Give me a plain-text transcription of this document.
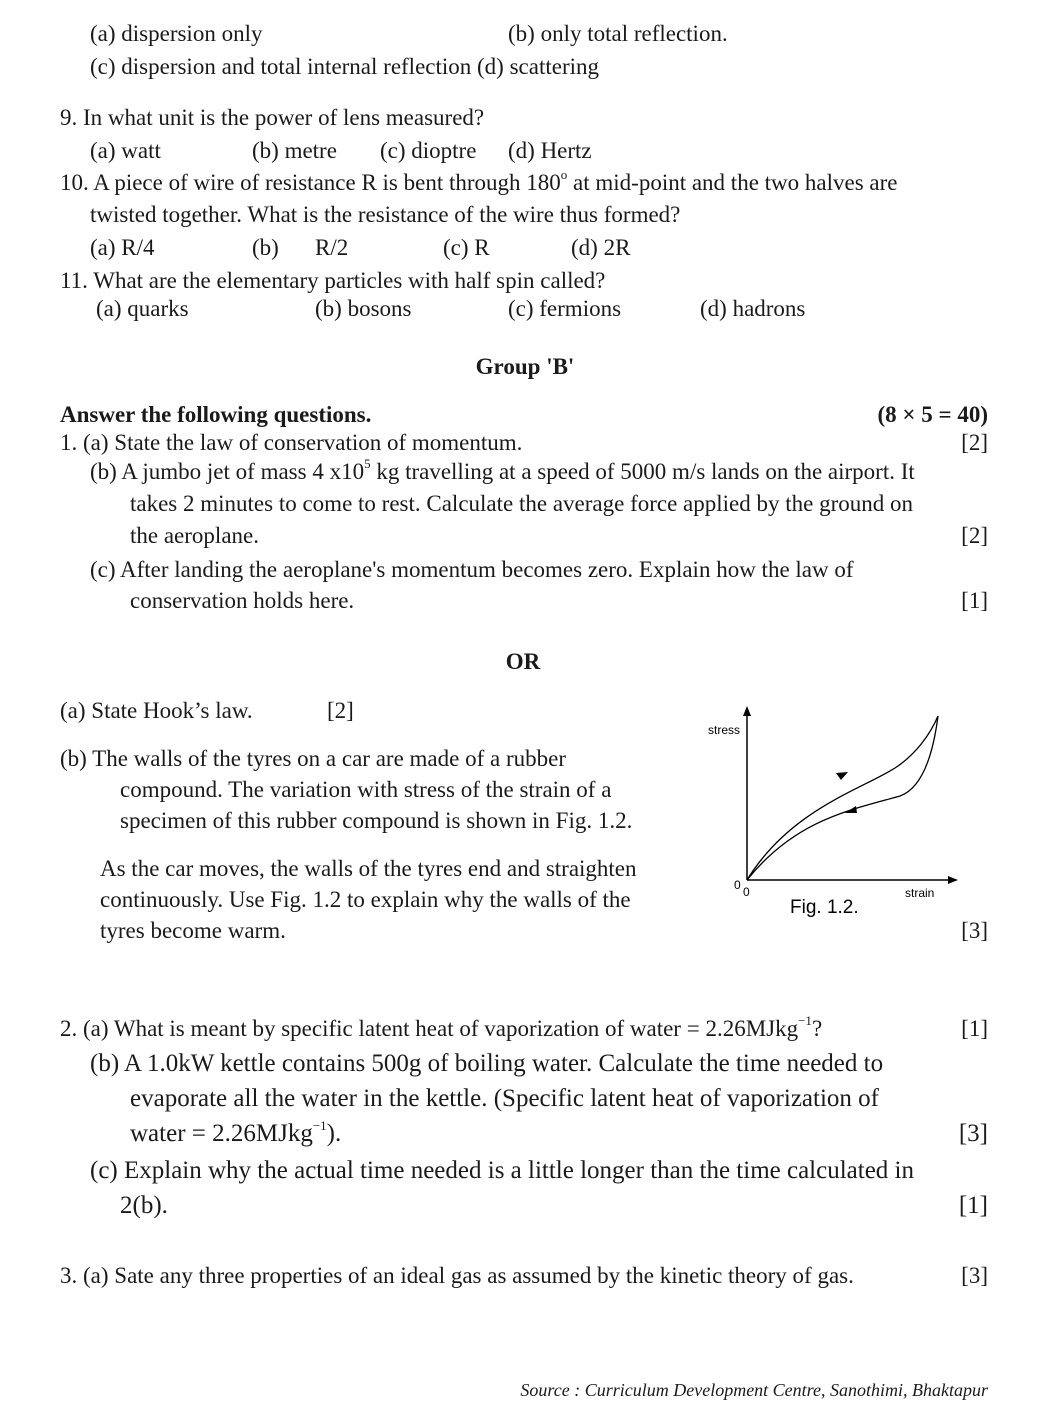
(a) dispersion only	(b) only total reflection.
(c) dispersion and total internal reflection (d) scattering
9. In what unit is the power of lens measured?
(a) watt	(b) metre (c) dioptre (d) Hertz
10. A piece of wire of resistance R is bent through 180$^o$ at mid-point and the two halves are
twisted together. What is the resistance of the wire thus formed?
(a) R/4	(b) R/2	(c) R	(d) 2R
11. What are the elementary particles with half spin called?
(a) quarks	(b) bosons	(c) fermions	(d) hadrons
Group 'B'
Answer the following questions.	(8 × 5 = 40)
1. (a) State the law of conservation of momentum.	[2]
(b) A jumbo jet of mass 4 $x10^5$ kg travelling at a speed of 5000 m/s lands on the airport. It
takes 2 minutes to come to rest. Calculate the average force applied by the ground on
the aeroplane.	[2]
(c) After landing the aeroplane's momentum becomes zero. Explain how the law of
conservation holds here.	[1]
OR
(a) State Hook’s law.	[2]
(b) The walls of the tyres on a car are made of a rubber
compound. The variation with stress of the strain of a
specimen of this rubber compound is shown in Fig. 1.2.
As the car moves, the walls of the tyres end and straighten
continuously. Use Fig. 1.2 to explain why the walls of the
tyres become warm.	[3]
stress
strain
0 0
Fig. 1.2.
2. (a) What is meant by specific latent heat of vaporization of water = 2.26MJkg$^{-1}$?	[1]
(b) A 1.0kW kettle contains 500g of boiling water. Calculate the time needed to
evaporate all the water in the kettle. (Specific latent heat of vaporization of
water = 2.26MJkg$^{-1}$).	[3]
(c) Explain why the actual time needed is a little longer than the time calculated in
2(b).	[1]
3. (a) Sate any three properties of an ideal gas as assumed by the kinetic theory of gas.	[3]
Source : Curriculum Development Centre, Sanothimi, Bhaktapur
